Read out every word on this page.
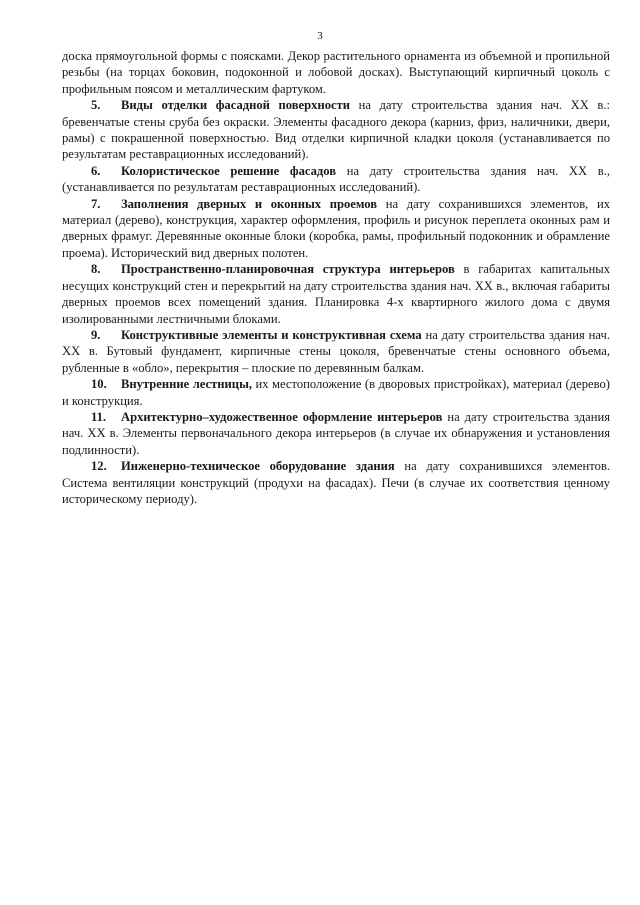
3

доска прямоугольной формы с поясками. Декор растительного орнамента из объемной и пропильной резьбы (на торцах боковин, подоконной и лобовой досках). Выступающий кирпичный цоколь с профильным поясом и металлическим фартуком.

5. Виды отделки фасадной поверхности на дату строительства здания нач. XX в.: бревенчатые стены сруба без окраски. Элементы фасадного декора (карниз, фриз, наличники, двери, рамы) с покрашенной поверхностью. Вид отделки кирпичной кладки цоколя (устанавливается по результатам реставрационных исследований).

6. Колористическое решение фасадов на дату строительства здания нач. XX в., (устанавливается по результатам реставрационных исследований).

7. Заполнения дверных и оконных проемов на дату сохранившихся элементов, их материал (дерево), конструкция, характер оформления, профиль и рисунок переплета оконных рам и дверных фрамуг. Деревянные оконные блоки (коробка, рамы, профильный подоконник и обрамление проема). Исторический вид дверных полотен.

8. Пространственно-планировочная структура интерьеров в габаритах капитальных несущих конструкций стен и перекрытий на дату строительства здания нач. XX в., включая габариты дверных проемов всех помещений здания. Планировка 4-х квартирного жилого дома с двумя изолированными лестничными блоками.

9. Конструктивные элементы и конструктивная схема на дату строительства здания нач. XX в. Бутовый фундамент, кирпичные стены цоколя, бревенчатые стены основного объема, рубленные в «обло», перекрытия – плоские по деревянным балкам.

10. Внутренние лестницы, их местоположение (в дворовых пристройках), материал (дерево) и конструкция.

11. Архитектурно–художественное оформление интерьеров на дату строительства здания нач. XX в. Элементы первоначального декора интерьеров (в случае их обнаружения и установления подлинности).

12. Инженерно-техническое оборудование здания на дату сохранившихся элементов. Система вентиляции конструкций (продухи на фасадах). Печи (в случае их соответствия ценному историческому периоду).
